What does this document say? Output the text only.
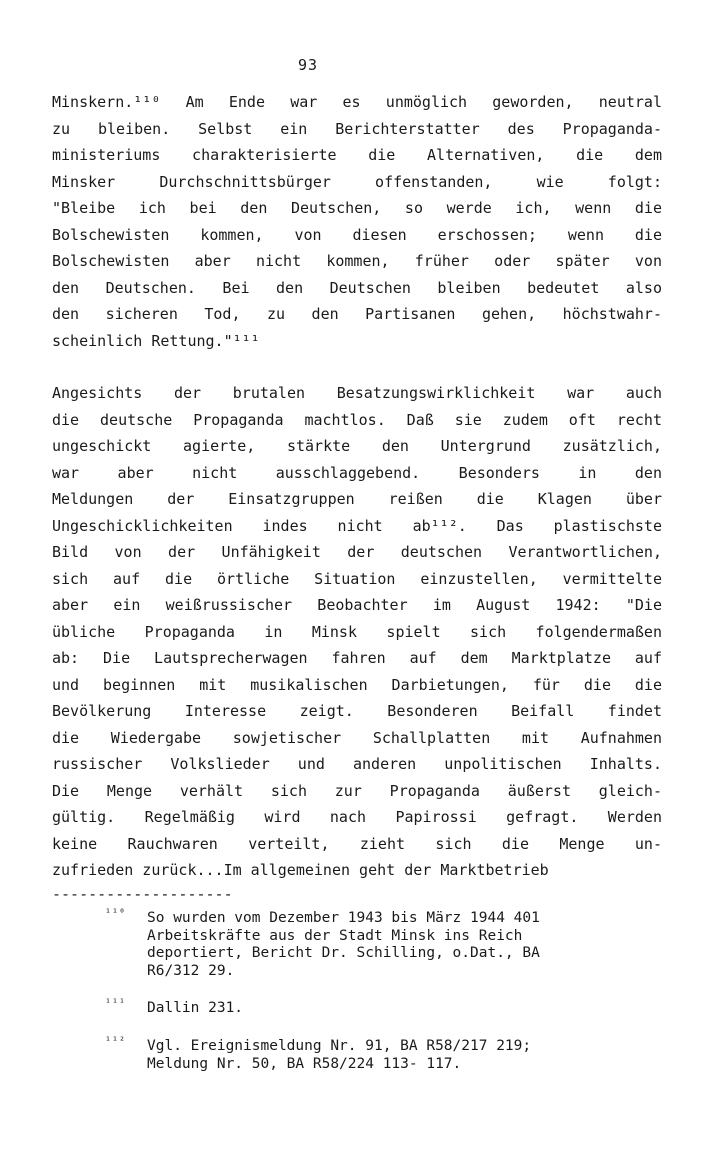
93
Minskern.¹¹⁰ Am Ende war es unmöglich geworden, neutral
zu bleiben. Selbst ein Berichterstatter des Propaganda-
ministeriums charakterisierte die Alternativen, die dem
Minsker Durchschnittsbürger offenstanden, wie folgt:
"Bleibe ich bei den Deutschen, so werde ich, wenn die
Bolschewisten kommen, von diesen erschossen; wenn die
Bolschewisten aber nicht kommen, früher oder später von
den Deutschen. Bei den Deutschen bleiben bedeutet also
den sicheren Tod, zu den Partisanen gehen, höchstwahr-
scheinlich Rettung."¹¹¹
Angesichts der brutalen Besatzungswirklichkeit war auch
die deutsche Propaganda machtlos. Daß sie zudem oft recht
ungeschickt agierte, stärkte den Untergrund zusätzlich,
war aber nicht ausschlaggebend. Besonders in den
Meldungen der Einsatzgruppen reißen die Klagen über
Ungeschicklichkeiten indes nicht ab¹¹². Das plastischste
Bild von der Unfähigkeit der deutschen Verantwortlichen,
sich auf die örtliche Situation einzustellen, vermittelte
aber ein weißrussischer Beobachter im August 1942: "Die
übliche Propaganda in Minsk spielt sich folgendermaßen
ab: Die Lautsprecherwagen fahren auf dem Marktplatze auf
und beginnen mit musikalischen Darbietungen, für die die
Bevölkerung Interesse zeigt. Besonderen Beifall findet
die Wiedergabe sowjetischer Schallplatten mit Aufnahmen
russischer Volkslieder und anderen unpolitischen Inhalts.
Die Menge verhält sich zur Propaganda äußerst gleich-
gültig. Regelmäßig wird nach Papirossi gefragt. Werden
keine Rauchwaren verteilt, zieht sich die Menge un-
zufrieden zurück...Im allgemeinen geht der Marktbetrieb
--------------------
¹¹⁰ So wurden vom Dezember 1943 bis März 1944 401
Arbeitskräfte aus der Stadt Minsk ins Reich
deportiert, Bericht Dr. Schilling, o.Dat., BA
R6/312 29.
¹¹¹ Dallin 231.
¹¹² Vgl. Ereignismeldung Nr. 91, BA R58/217 219;
Meldung Nr. 50, BA R58/224 113- 117.
